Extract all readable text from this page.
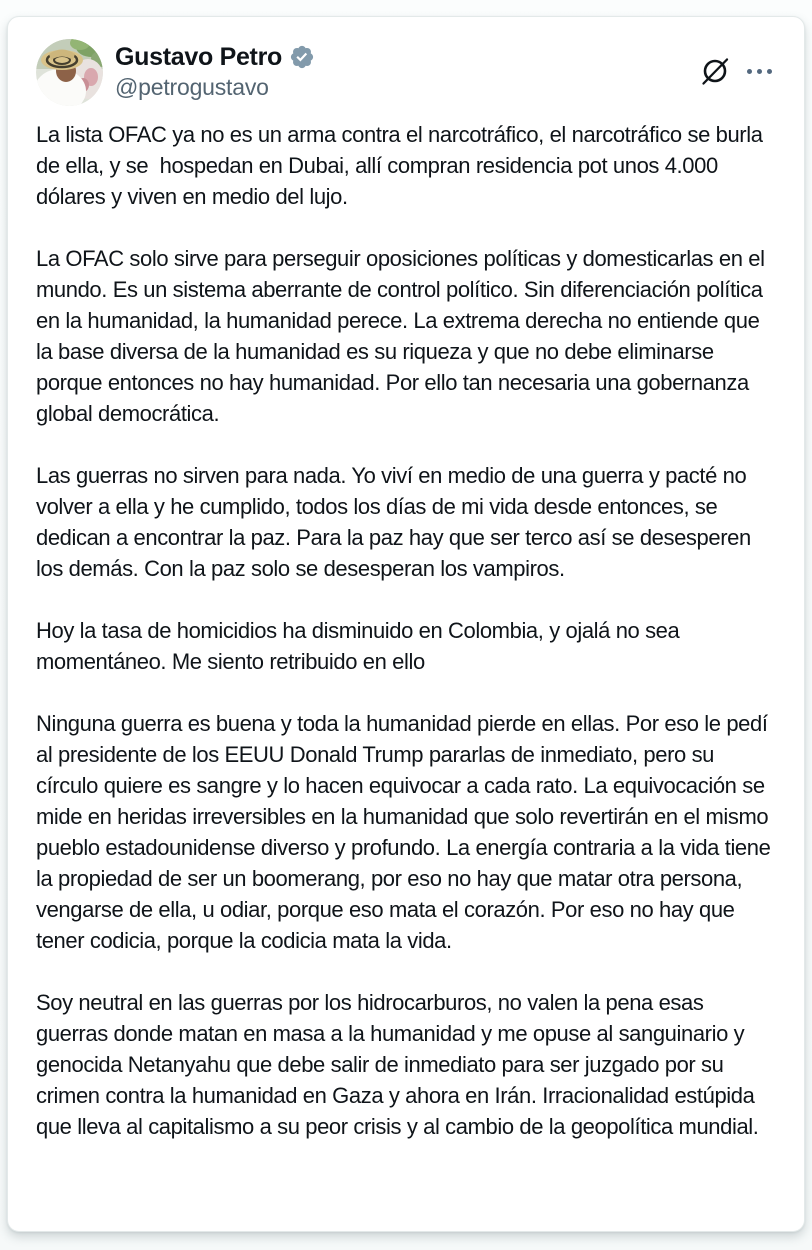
Gustavo Petro
@petrogustavo

La lista OFAC ya no es un arma contra el narcotráfico, el narcotráfico se burla de ella, y se  hospedan en Dubai, allí compran residencia pot unos 4.000 dólares y viven en medio del lujo.

La OFAC solo sirve para perseguir oposiciones políticas y domesticarlas en el mundo. Es un sistema aberrante de control político. Sin diferenciación política en la humanidad, la humanidad perece. La extrema derecha no entiende que la base diversa de la humanidad es su riqueza y que no debe eliminarse porque entonces no hay humanidad. Por ello tan necesaria una gobernanza global democrática.

Las guerras no sirven para nada. Yo viví en medio de una guerra y pacté no volver a ella y he cumplido, todos los días de mi vida desde entonces, se dedican a encontrar la paz. Para la paz hay que ser terco así se desesperen los demás. Con la paz solo se desesperan los vampiros.

Hoy la tasa de homicidios ha disminuido en Colombia, y ojalá no sea momentáneo. Me siento retribuido en ello

Ninguna guerra es buena y toda la humanidad pierde en ellas. Por eso le pedí al presidente de los EEUU Donald Trump pararlas de inmediato, pero su círculo quiere es sangre y lo hacen equivocar a cada rato. La equivocación se mide en heridas irreversibles en la humanidad que solo revertirán en el mismo pueblo estadounidense diverso y profundo. La energía contraria a la vida tiene la propiedad de ser un boomerang, por eso no hay que matar otra persona, vengarse de ella, u odiar, porque eso mata el corazón. Por eso no hay que tener codicia, porque la codicia mata la vida.

Soy neutral en las guerras por los hidrocarburos, no valen la pena esas guerras donde matan en masa a la humanidad y me opuse al sanguinario y genocida Netanyahu que debe salir de inmediato para ser juzgado por su crimen contra la humanidad en Gaza y ahora en Irán. Irracionalidad estúpida que lleva al capitalismo a su peor crisis y al cambio de la geopolítica mundial.
